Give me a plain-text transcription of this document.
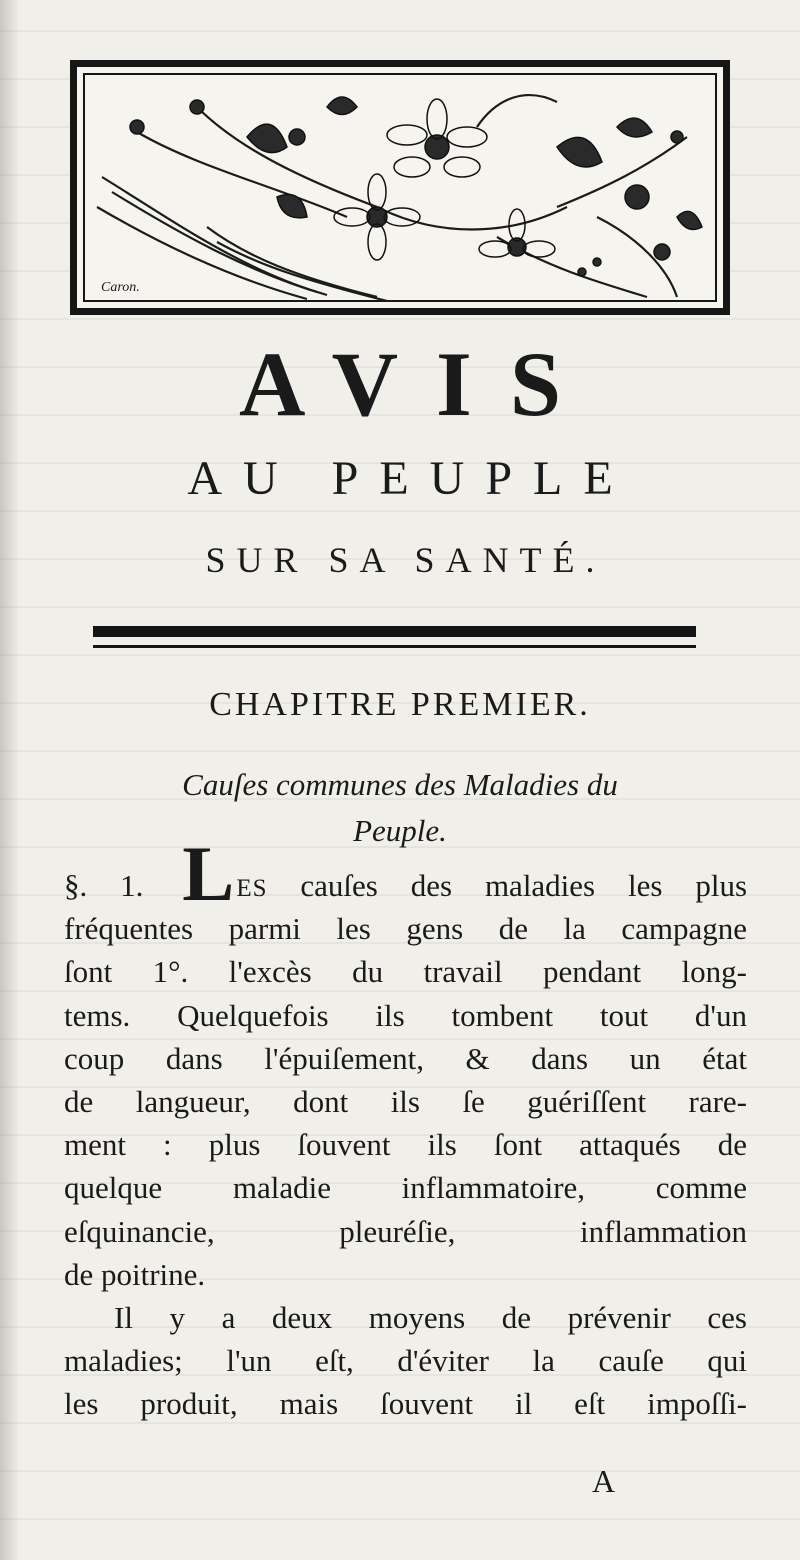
Caron.
AVIS
AU PEUPLE
SUR SA SANTÉ.
CHAPITRE PREMIER.
Cauſes communes des Maladies du
Peuple.
§. 1. LES cauſes des maladies les plus
fréquentes parmi les gens de la campagne
ſont 1°. l'excès du travail pendant long-
tems. Quelquefois ils tombent tout d'un
coup dans l'épuiſement, & dans un état
de langueur, dont ils ſe guériſſent rare-
ment : plus ſouvent ils ſont attaqués de
quelque maladie inflammatoire, comme
eſquinancie, pleuréſie, inflammation
de poitrine.
Il y a deux moyens de prévenir ces
maladies; l'un eſt, d'éviter la cauſe qui
les produit, mais ſouvent il eſt impoſſi-
A
